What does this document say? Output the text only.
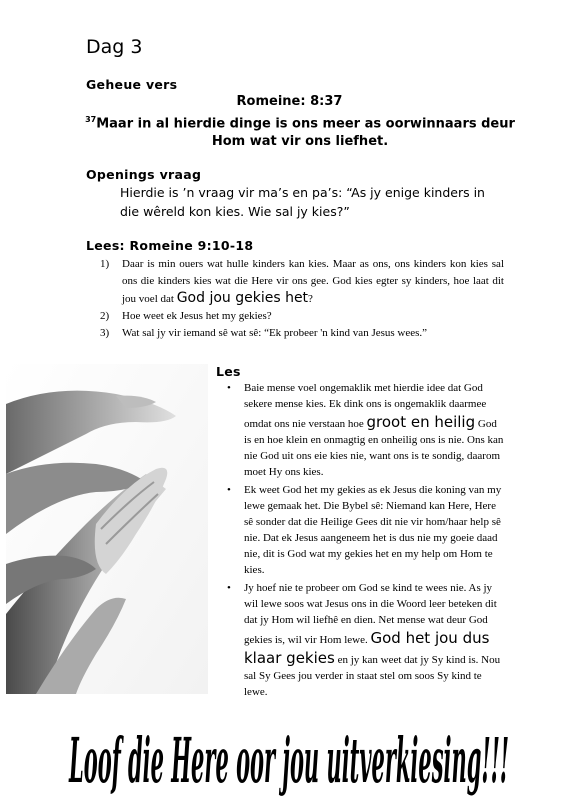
Dag 3
Geheue vers
Romeine: 8:37
$^{37}$Maar in al hierdie dinge is ons meer as oorwinnaars deur Hom wat vir ons liefhet.
Openings vraag
Hierdie is ’n vraag vir ma’s en pa’s: “As jy enige kinders in die wêreld kon kies. Wie sal jy kies?”
Lees: Romeine 9:10-18
1) Daar is min ouers wat hulle kinders kan kies. Maar as ons, ons kinders kon kies sal ons die kinders kies wat die Here vir ons gee. God kies egter sy kinders, hoe laat dit jou voel dat God jou gekies het?
2) Hoe weet ek Jesus het my gekies?
3) Wat sal jy vir iemand sê wat sê: “Ek probeer 'n kind van Jesus wees.”
Les
• Baie mense voel ongemaklik met hierdie idee dat God sekere mense kies. Ek dink ons is ongemaklik daarmee omdat ons nie verstaan hoe groot en heilig God is en hoe klein en onmagtig en onheilig ons is nie. Ons kan nie God uit ons eie kies nie, want ons is te sondig, daarom moet Hy ons kies.
• Ek weet God het my gekies as ek Jesus die koning van my lewe gemaak het. Die Bybel sê: Niemand kan Here, Here sê sonder dat die Heilige Gees dit nie vir hom/haar help sê nie. Dat ek Jesus aangeneem het is dus nie my goeie daad nie, dit is God wat my gekies het en my help om Hom te kies.
• Jy hoef nie te probeer om God se kind te wees nie. As jy wil lewe soos wat Jesus ons in die Woord leer beteken dit dat jy Hom wil liefhê en dien. Net mense wat deur God gekies is, wil vir Hom lewe. God het jou dus klaar gekies en jy kan weet dat jy Sy kind is. Nou sal Sy Gees jou verder in staat stel om soos Sy kind te lewe.
Loof die Here oor jou uitverkiesing!!!
